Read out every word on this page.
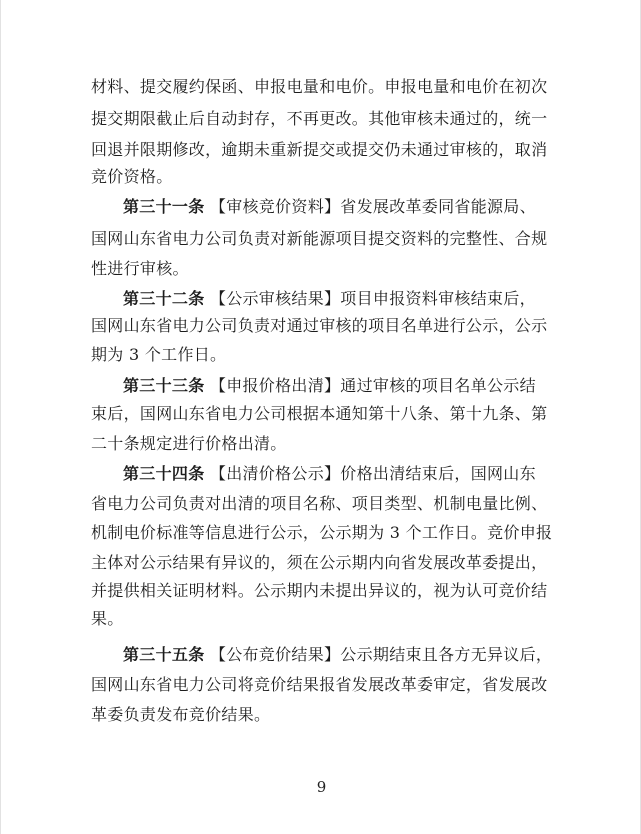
材料、提交履约保函、申报电量和电价。申报电量和电价在初次
提交期限截止后自动封存，不再更改。其他审核未通过的，统一
回退并限期修改，逾期未重新提交或提交仍未通过审核的，取消
竞价资格。
第三十一条 【审核竞价资料】省发展改革委同省能源局、
国网山东省电力公司负责对新能源项目提交资料的完整性、合规
性进行审核。
第三十二条 【公示审核结果】项目申报资料审核结束后，
国网山东省电力公司负责对通过审核的项目名单进行公示，公示
期为 3 个工作日。
第三十三条 【申报价格出清】通过审核的项目名单公示结
束后，国网山东省电力公司根据本通知第十八条、第十九条、第
二十条规定进行价格出清。
第三十四条 【出清价格公示】价格出清结束后，国网山东
省电力公司负责对出清的项目名称、项目类型、机制电量比例、
机制电价标准等信息进行公示，公示期为 3 个工作日。竞价申报
主体对公示结果有异议的，须在公示期内向省发展改革委提出，
并提供相关证明材料。公示期内未提出异议的，视为认可竞价结
果。
第三十五条 【公布竞价结果】公示期结束且各方无异议后，
国网山东省电力公司将竞价结果报省发展改革委审定，省发展改
革委负责发布竞价结果。
9
